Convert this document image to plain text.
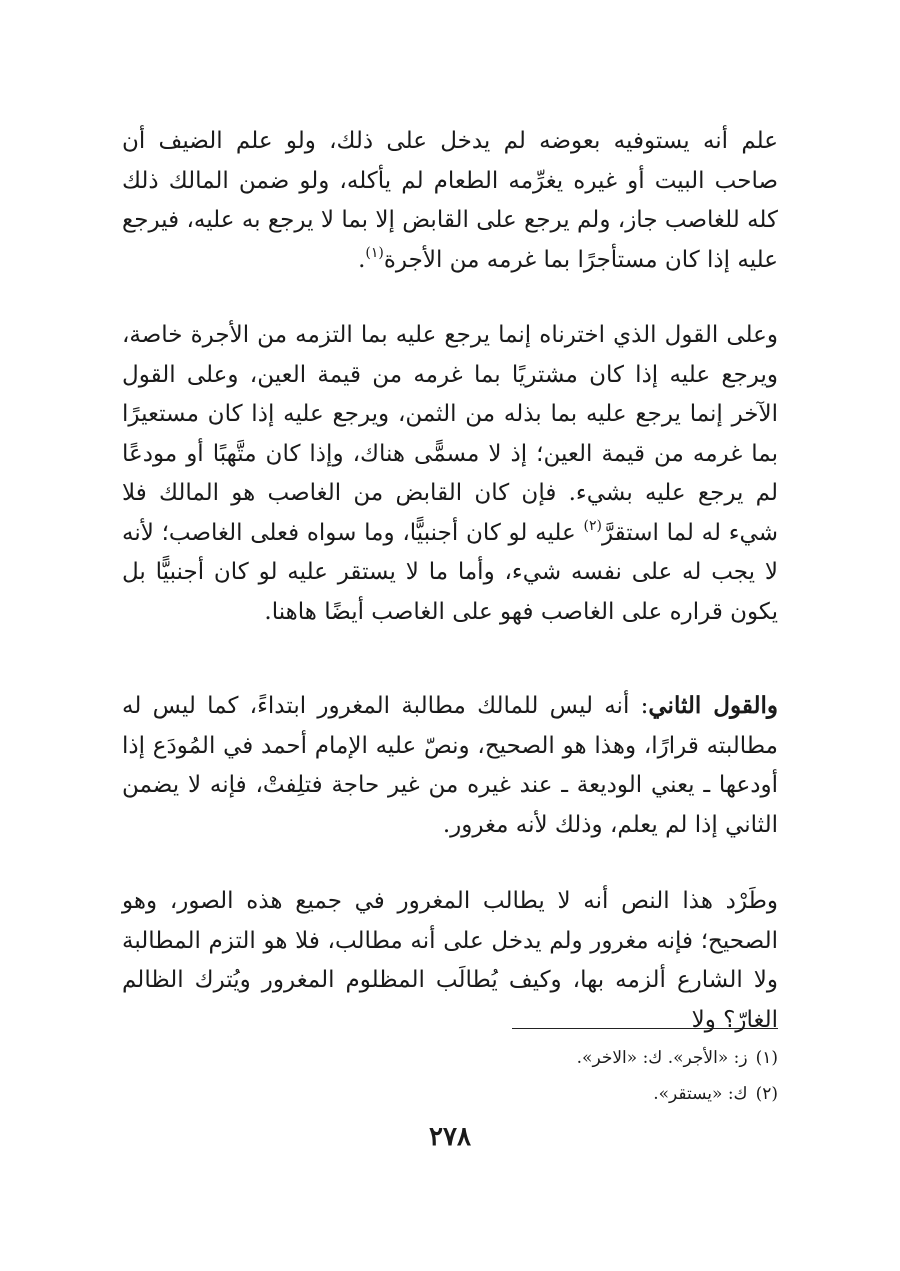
علم أنه يستوفيه بعوضه لم يدخل على ذلك، ولو علم الضيف أن صاحب البيت أو غيره يغرِّمه الطعام لم يأكله، ولو ضمن المالك ذلك كله للغاصب جاز، ولم يرجع على القابض إلا بما لا يرجع به عليه، فيرجع عليه إذا كان مستأجرًا بما غرمه من الأجرة$^{(١)}$.

وعلى القول الذي اخترناه إنما يرجع عليه بما التزمه من الأجرة خاصة، ويرجع عليه إذا كان مشتريًا بما غرمه من قيمة العين، وعلى القول الآخر إنما يرجع عليه بما بذله من الثمن، ويرجع عليه إذا كان مستعيرًا بما غرمه من قيمة العين؛ إذ لا مسمًّى هناك، وإذا كان متَّهبًا أو مودعًا لم يرجع عليه بشيء. فإن كان القابض من الغاصب هو المالك فلا شيء له لما استقرَّ$^{(٢)}$ عليه لو كان أجنبيًّا، وما سواه فعلى الغاصب؛ لأنه لا يجب له على نفسه شيء، وأما ما لا يستقر عليه لو كان أجنبيًّا بل يكون قراره على الغاصب فهو على الغاصب أيضًا هاهنا.

والقول الثاني: أنه ليس للمالك مطالبة المغرور ابتداءً، كما ليس له مطالبته قرارًا، وهذا هو الصحيح، ونصّ عليه الإمام أحمد في المُودَع إذا أودعها ـ يعني الوديعة ـ عند غيره من غير حاجة فتلِفتْ، فإنه لا يضمن الثاني إذا لم يعلم، وذلك لأنه مغرور.

وطَرْد هذا النص أنه لا يطالب المغرور في جميع هذه الصور، وهو الصحيح؛ فإنه مغرور ولم يدخل على أنه مطالب، فلا هو التزم المطالبة ولا الشارع ألزمه بها، وكيف يُطالَب المظلوم المغرور ويُترك الظالم الغارّ؟ ولا

(١)ز: «الأجر». ك: «الاخر».

(٢)ك: «يستقر».

٢٧٨
